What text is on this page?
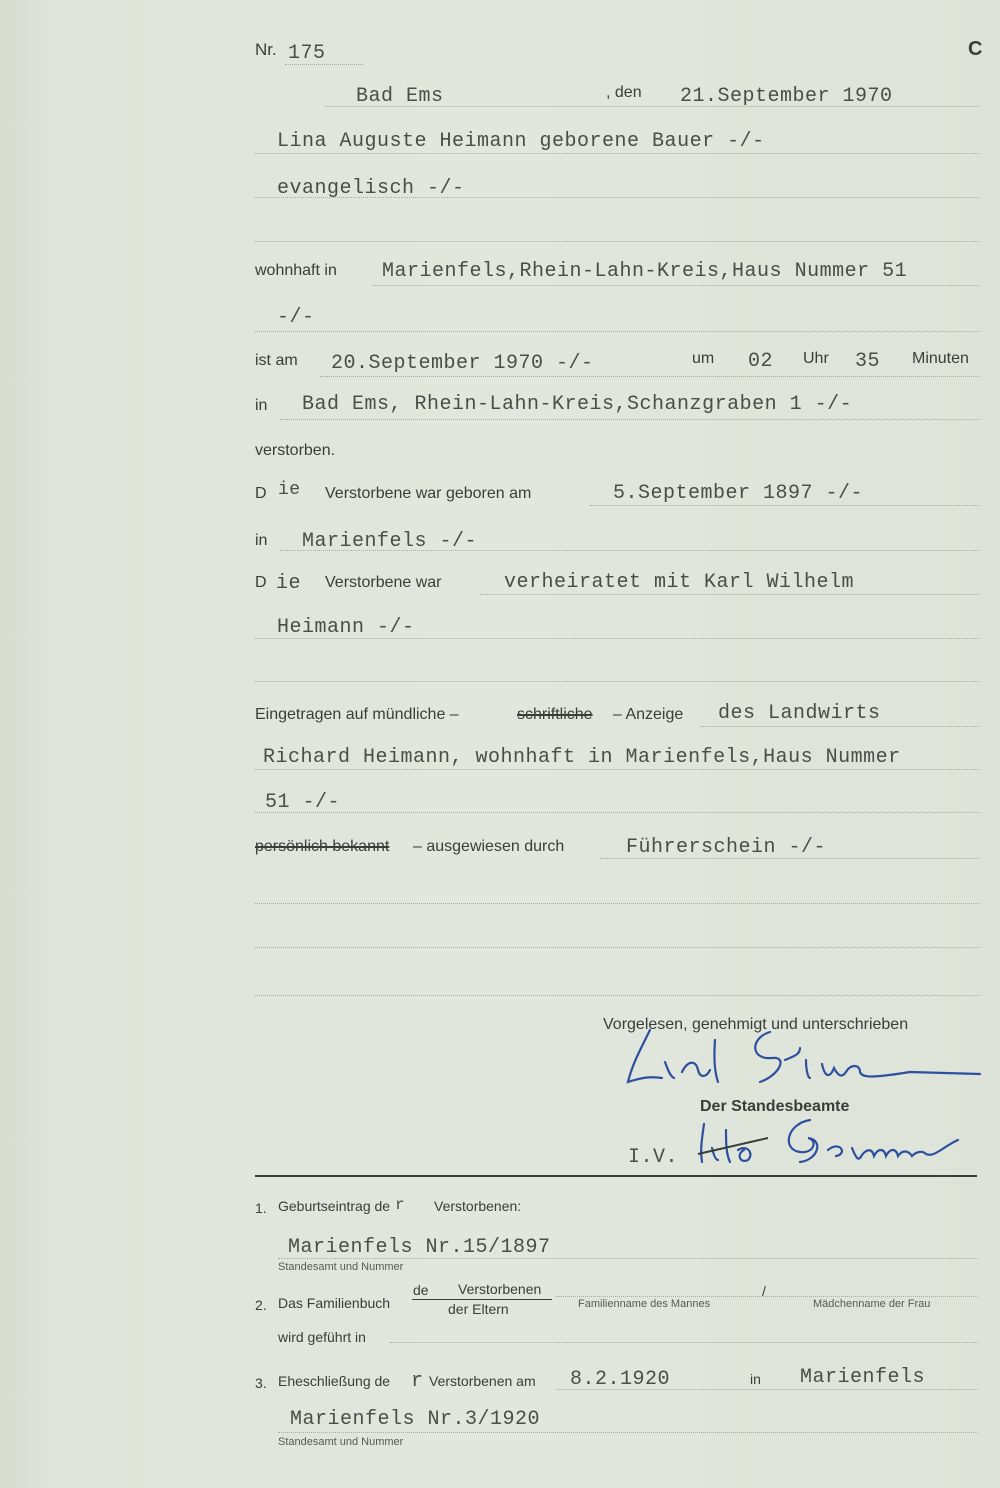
Nr. 175	C
Bad Ems	, den 21.September 1970
Lina Auguste Heimann geborene Bauer -/-
evangelisch -/-
wohnhaft in Marienfels,Rhein-Lahn-Kreis,Haus Nummer 51
-/-
ist am 20.September 1970 -/-	um 02 Uhr 35 Minuten
in Bad Ems, Rhein-Lahn-Kreis,Schanzgraben 1 -/-
verstorben.
D ie Verstorbene war geboren am	5.September 1897 -/-
in Marienfels -/-
D ie Verstorbene war	verheiratet mit Karl Wilhelm
Heimann -/-
Eingetragen auf mündliche –	schriftliche – Anzeige des Landwirts
Richard Heimann, wohnhaft in Marienfels,Haus Nummer
51 -/-
persönlich bekannt – ausgewiesen durch	Führerschein -/-
Vorgelesen, genehmigt und unterschrieben
Der Standesbeamte
I.V.
1. Geburtseintrag de r Verstorbenen:
Marienfels Nr.15/1897
Standesamt und Nummer
2. Das Familienbuch
de Verstorbenen
der Eltern	Familienname des Mannes
/
Mädchenname der Frau
wird geführt in
3. Eheschließung de r Verstorbenen am 8.2.1920	in Marienfels
Marienfels Nr.3/1920
Standesamt und Nummer
